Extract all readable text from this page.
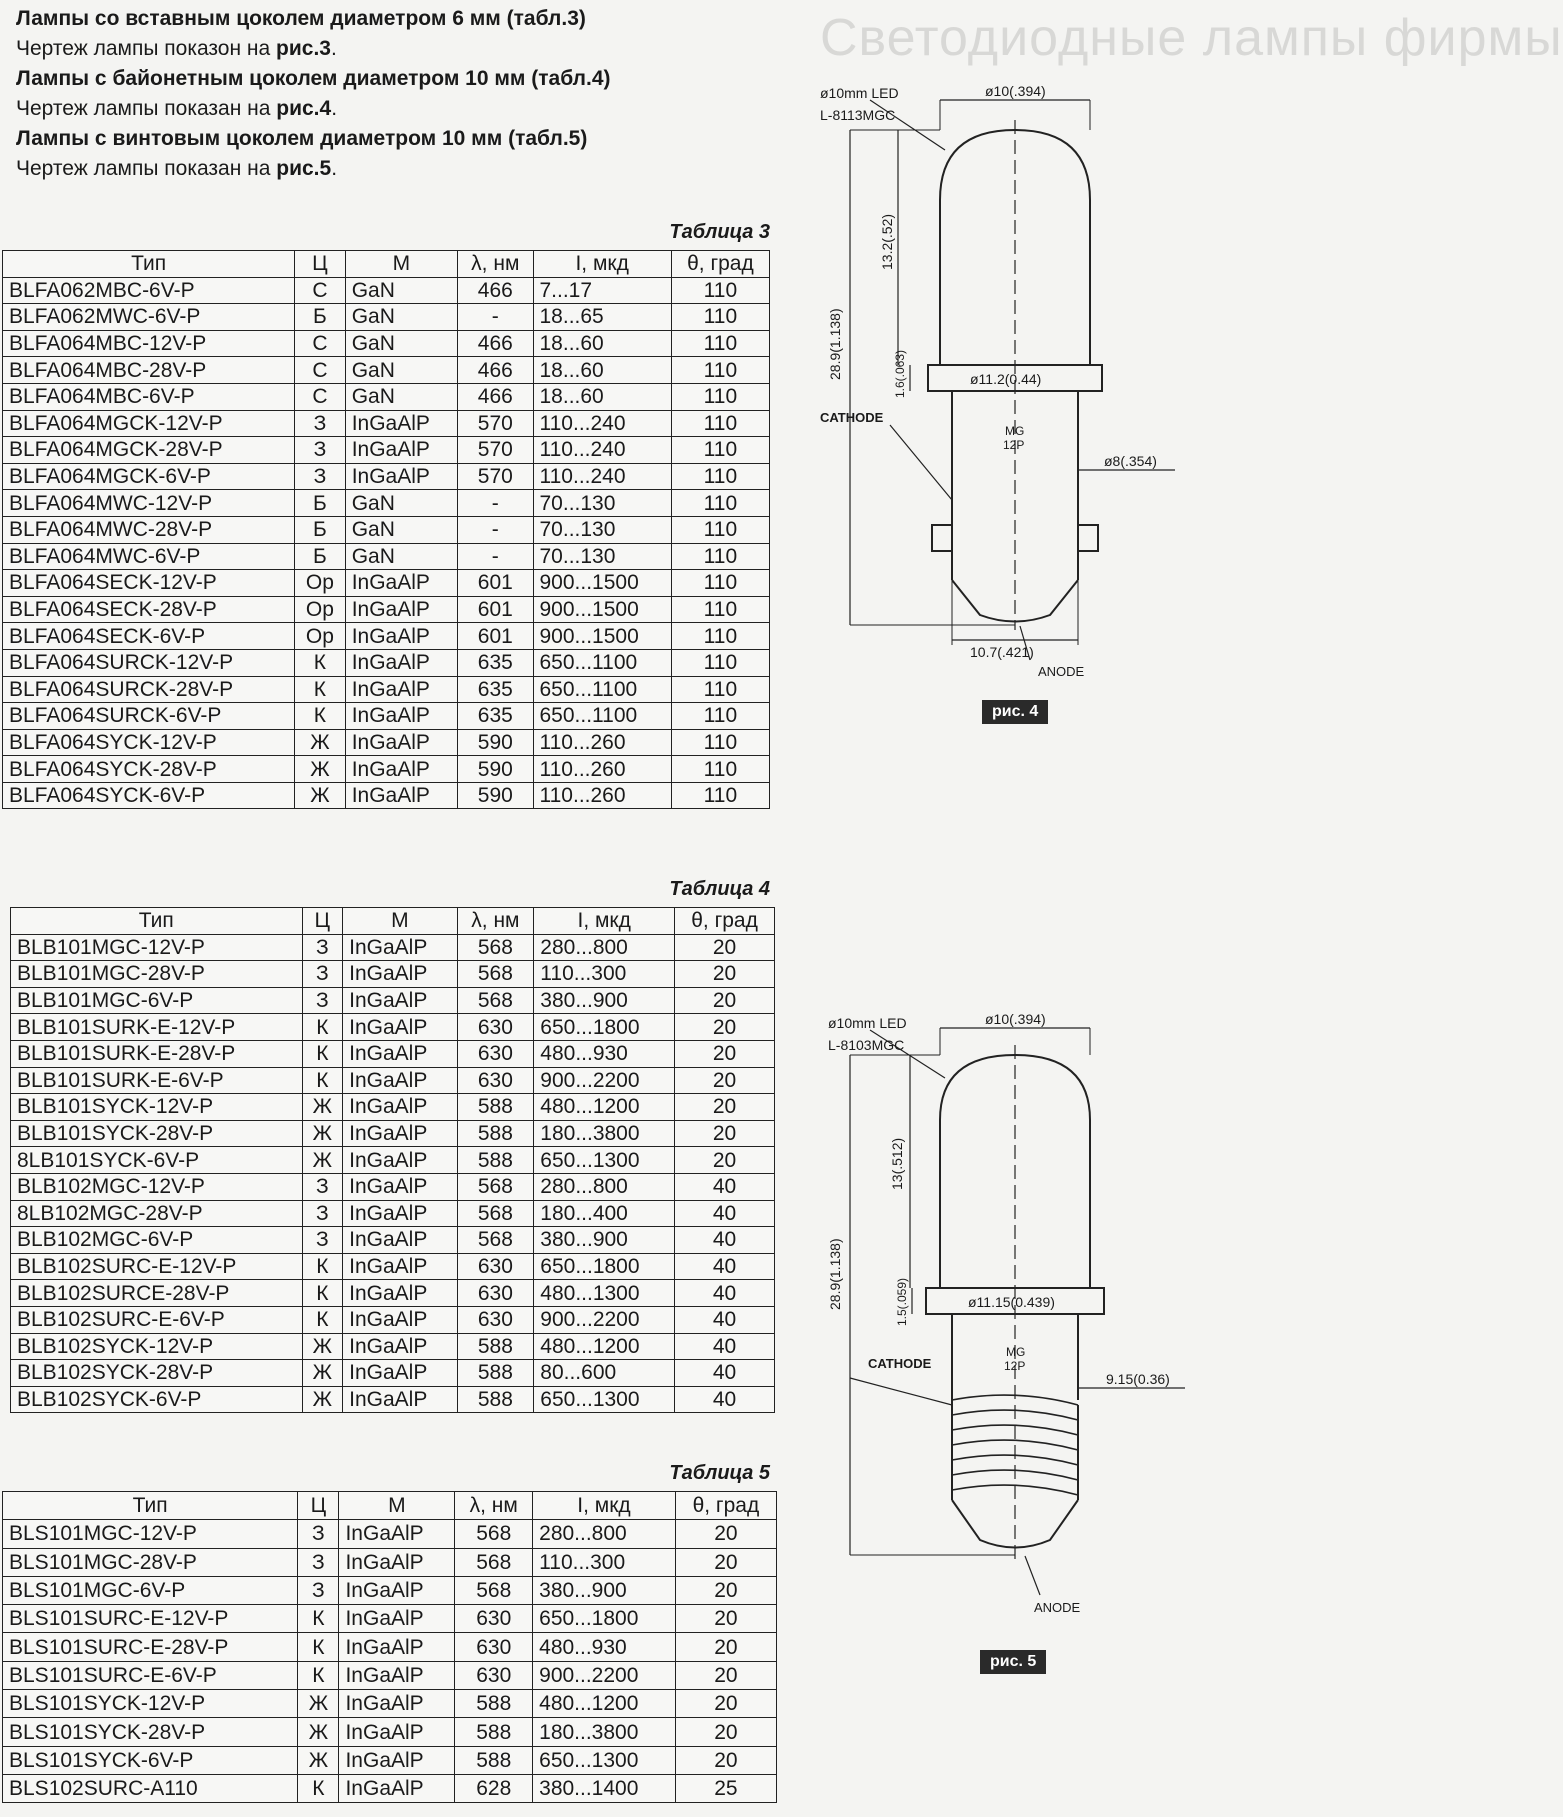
Светодиодные лампы фирмы

Лампы со вставным цоколем диаметром 6 мм (табл.3)

Чертеж лампы показон на рис.3.

Лампы с байонетным цоколем диаметром 10 мм (табл.4)

Чертеж лампы показан на рис.4.

Лампы с винтовым цоколем диаметром 10 мм (табл.5)

Чертеж лампы показан на рис.5.

Таблица 3
Тип	Ц	М	λ, нм	I, мкд	θ, град
BLFA062MBC-6V-P	С	GaN	466	7...17	110
BLFA062MWC-6V-P	Б	GaN	-	18...65	110
BLFA064MBC-12V-P	С	GaN	466	18...60	110
BLFA064MBC-28V-P	С	GaN	466	18...60	110
BLFA064MBC-6V-P	С	GaN	466	18...60	110
BLFA064MGCK-12V-P	З	InGaAlP	570	110...240	110
BLFA064MGCK-28V-P	З	InGaAlP	570	110...240	110
BLFA064MGCK-6V-P	З	InGaAlP	570	110...240	110
BLFA064MWC-12V-P	Б	GaN	-	70...130	110
BLFA064MWC-28V-P	Б	GaN	-	70...130	110
BLFA064MWC-6V-P	Б	GaN	-	70...130	110
BLFA064SECK-12V-P	Ор	InGaAlP	601	900...1500	110
BLFA064SECK-28V-P	Ор	InGaAlP	601	900...1500	110
BLFA064SECK-6V-P	Ор	InGaAlP	601	900...1500	110
BLFA064SURCK-12V-P	К	InGaAlP	635	650...1100	110
BLFA064SURCK-28V-P	К	InGaAlP	635	650...1100	110
BLFA064SURCK-6V-P	К	InGaAlP	635	650...1100	110
BLFA064SYCK-12V-P	Ж	InGaAlP	590	110...260	110
BLFA064SYCK-28V-P	Ж	InGaAlP	590	110...260	110
BLFA064SYCK-6V-P	Ж	InGaAlP	590	110...260	110
Таблица 4
Тип	Ц	М	λ, нм	I, мкд	θ, град
BLB101MGC-12V-P	З	InGaAlP	568	280...800	20
BLB101MGC-28V-P	З	InGaAlP	568	110...300	20
BLB101MGC-6V-P	З	InGaAlP	568	380...900	20
BLB101SURK-E-12V-P	К	InGaAlP	630	650...1800	20
BLB101SURK-E-28V-P	К	InGaAlP	630	480...930	20
BLB101SURK-E-6V-P	К	InGaAlP	630	900...2200	20
BLB101SYCK-12V-P	Ж	InGaAlP	588	480...1200	20
BLB101SYCK-28V-P	Ж	InGaAlP	588	180...3800	20
8LB101SYCK-6V-P	Ж	InGaAlP	588	650...1300	20
BLB102MGC-12V-P	З	InGaAlP	568	280...800	40
8LB102MGC-28V-P	З	InGaAlP	568	180...400	40
BLB102MGC-6V-P	З	InGaAlP	568	380...900	40
BLB102SURC-E-12V-P	К	InGaAlP	630	650...1800	40
BLB102SURCE-28V-P	К	InGaAlP	630	480...1300	40
BLB102SURC-E-6V-P	К	InGaAlP	630	900...2200	40
BLB102SYCK-12V-P	Ж	InGaAlP	588	480...1200	40
BLB102SYCK-28V-P	Ж	InGaAlP	588	80...600	40
BLB102SYCK-6V-P	Ж	InGaAlP	588	650...1300	40
Таблица 5
Тип	Ц	М	λ, нм	I, мкд	θ, град
BLS101MGC-12V-P	З	InGaAlP	568	280...800	20
BLS101MGC-28V-P	З	InGaAlP	568	110...300	20
BLS101MGC-6V-P	З	InGaAlP	568	380...900	20
BLS101SURC-E-12V-P	К	InGaAlP	630	650...1800	20
BLS101SURC-E-28V-P	К	InGaAlP	630	480...930	20
BLS101SURC-E-6V-P	К	InGaAlP	630	900...2200	20
BLS101SYCK-12V-P	Ж	InGaAlP	588	480...1200	20
BLS101SYCK-28V-P	Ж	InGaAlP	588	180...3800	20
BLS101SYCK-6V-P	Ж	InGaAlP	588	650...1300	20
BLS102SURC-A110	К	InGaAlP	628	380...1400	25
ø10mm LED
L-8113MGC
ø10(.394)
28.9(1.138)
13.2(.52)
1.6(.063)	ø11.2(0.44)
MG
12P
ø8(.354)
CATHODE
10.7(.421)
ANODE
рис. 4
ø10mm LED
L-8103MGC
ø10(.394)
28.9(1.138)
13(.512)
1.5(.059)	ø11.15(0.439)
MG
12P
9.15(0.36)
CATHODE
ANODE
рис. 5
